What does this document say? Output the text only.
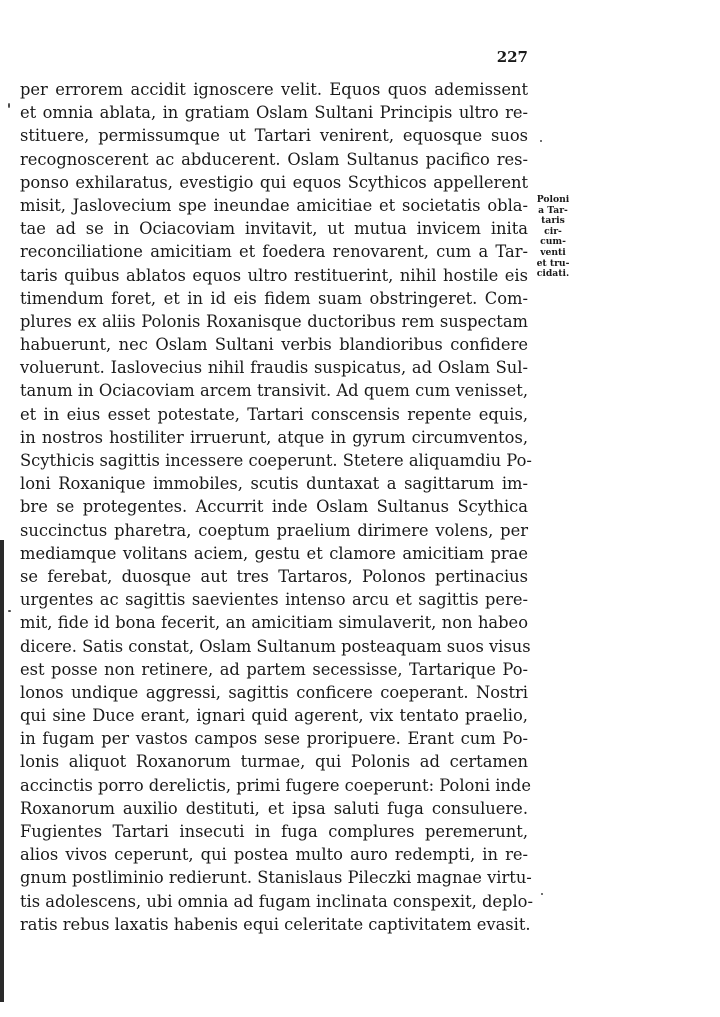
227
per errorem accidit ignoscere velit. Equos quos ademissent
et omnia ablata, in gratiam Oslam Sultani Principis ultro re-
stituere, permissumque ut Tartari venirent, equosque suos
recognoscerent ac abducerent. Oslam Sultanus pacifico res-
ponso exhilaratus, evestigio qui equos Scythicos appellerent
misit, Jaslovecium spe ineundae amicitiae et societatis obla-
tae ad se in Ociacoviam invitavit, ut mutua invicem inita
reconciliatione amicitiam et foedera renovarent, cum a Tar-
taris quibus ablatos equos ultro restituerint, nihil hostile eis
timendum foret, et in id eis fidem suam obstringeret. Com-
plures ex aliis Polonis Roxanisque ductoribus rem suspectam
habuerunt, nec Oslam Sultani verbis blandioribus confidere
voluerunt. Iaslovecius nihil fraudis suspicatus, ad Oslam Sul-
tanum in Ociacoviam arcem transivit. Ad quem cum venisset,
et in eius esset potestate, Tartari conscensis repente equis,
in nostros hostiliter irruerunt, atque in gyrum circumventos,
Scythicis sagittis incessere coeperunt. Stetere aliquamdiu Po-
loni Roxanique immobiles, scutis duntaxat a sagittarum im-
bre se protegentes. Accurrit inde Oslam Sultanus Scythica
succinctus pharetra, coeptum praelium dirimere volens, per
mediamque volitans aciem, gestu et clamore amicitiam prae
se ferebat, duosque aut tres Tartaros, Polonos pertinacius
urgentes ac sagittis saevientes intenso arcu et sagittis pere-
mit, fide id bona fecerit, an amicitiam simulaverit, non habeo
dicere. Satis constat, Oslam Sultanum posteaquam suos visus
est posse non retinere, ad partem secessisse, Tartarique Po-
lonos undique aggressi, sagittis conficere coeperant. Nostri
qui sine Duce erant, ignari quid agerent, vix tentato praelio,
in fugam per vastos campos sese proripuere. Erant cum Po-
lonis aliquot Roxanorum turmae, qui Polonis ad certamen
accinctis porro derelictis, primi fugere coeperunt: Poloni inde
Roxanorum auxilio destituti, et ipsa saluti fuga consuluere.
Fugientes Tartari insecuti in fuga complures peremerunt,
alios vivos ceperunt, qui postea multo auro redempti, in re-
gnum postliminio redierunt. Stanislaus Pileczki magnae virtu-
tis adolescens, ubi omnia ad fugam inclinata conspexit, deplo-
ratis rebus laxatis habenis equi celeritate captivitatem evasit.
Poloni
a Tar-
taris
cir-
cum-
venti
et tru-
cidati.
